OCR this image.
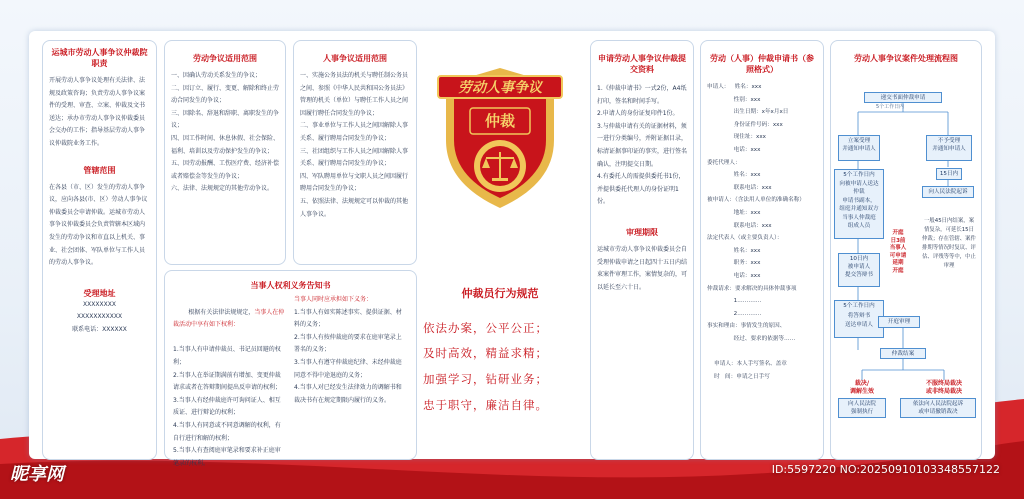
运城市劳动人事争议仲裁院职责
开展劳动人事争议处理有关法律、法规及政策咨询；负责劳动人事争议案件的受理、审查、立案、仲裁及文书送达；承办市劳动人事争议仲裁委员会交办的工作；指导基层劳动人事争议仲裁院业务工作。
管辖范围
在各县（市、区）发生的劳动人事争议，应向各县(市、区）劳动人事争议仲裁委员会申请仲裁。运城市劳动人事争议仲裁委员会负责管辖本区域内发生的劳动争议和市直以上机关、事业、社会团体、军队单位与工作人员的劳动人事争议。
受理地址
XXXXXXXX
XXXXXXXXXXX
联系电话：XXXXXX
劳动争议适用范围
一、因确认劳动关系发生的争议；
二、因订立、履行、变更、解除和终止劳动合同发生的争议；
三、因除名、辞退和辞职、离职发生的争议；
四、因工作时间、休息休假、社会保险、福利、培训以及劳动保护发生的争议；
五、因劳动报酬、工伤医疗费、经济补偿或者赔偿金等发生的争议；
六、法律、法规规定的其他劳动争议。
人事争议适用范围
一、实施公务员法的机关与聘任制公务员之间、参照《中华人民共和国公务员法》管理的机关（单位）与聘任工作人员之间因履行聘任合同发生的争议；
二、事业单位与工作人员之间因解除人事关系、履行聘用合同发生的争议；
三、社团组织与工作人员之间因解除人事关系、履行聘用合同发生的争议；
四、军队聘用单位与文职人员之间因履行聘用合同发生的争议；
五、依照法律、法规规定可以仲裁的其他人事争议。
当事人权利义务告知书

根据有关法律法规规定，当事人在仲裁活动中享有如下权利：

1.当事人有申请仲裁员、书记员回避的权利；
2.当事人在举证期满前有增加、变更仲裁请求或者在答辩期间提出反申请的权利；
3.当事人有经仲裁庭许可询问证人、相互质证、进行辩论的权利；
4.当事人有同意或不同意调解的权利，有自行进行和解的权利；
5.当事人有查阅庭审笔录和要求补正庭审笔录的权利。
当事人同时应承担如下义务：
1.当事人有如实陈述事实、提供证据、材料的义务；
2.当事人有按仲裁庭的要求在庭审笔录上署名的义务；
3.当事人有遵守仲裁庭纪律、未经仲裁庭同意不得中途退庭的义务；
4.当事人对已经发生法律效力的调解书和裁决书有在规定期限内履行的义务。
劳动人事争议
仲裁
仲裁员行为规范
依法办案，公平公正；
及时高效，精益求精；
加强学习，钻研业务；
忠于职守，廉洁自律。
申请劳动人事争议仲裁提交资料
1.《仲裁申请书》一式2份，A4纸打印，签名和时间手写。
2.申请人的身份证复印件1份。
3.与仲裁申请有关的证据材料，须一进行分类编号，并附证据目录，标清证据事印证的事实，进行签名确认，注明提交日期。
4.有委托人的需提供委托书1份，并提供委托代理人的身份证明1份。
审理期限
运城市劳动人事争议仲裁委员会自受理仲裁申请之日起四十五日内结束案件审理工作，案情复杂的，可以延长至六十日。
劳动（人事）仲裁申请书（参照格式）
申请人：   姓名：xxx
性别：xxx
出生日期：x年x月x日
身份证件号码：xxx
现住址：xxx
电话：xxx
委托代理人：
姓名：xxx
联系电话：xxx
被申请人：（含法用人单位的准确名称）
地址：xxx
联系电话：xxx
法定代表人（或主要负责人）：
姓名：xxx
职务：xxx
电话：xxx
仲裁请求：要求解决的具体仲裁事项
1.…………
2.…………
事实和理由：事情发生的原因、
经过、要求的依据等……

申请人：本人手写签名、盖章
时   间：申请之日手写
劳动人事争议案件处理流程图
递交书面仲裁申请
5个工作日内
立案受理
并通知申请人
不予受理
并通知申请人
15日内
向人民法院起诉
5个工作日内
向被申请人送达仲裁
申请书副本，
组庭并通知双方
当事人仲裁庭
组成人员
开庭
日3前
当事人
可申请
延期
开庭
一般45日内结案，案情复杂，可延长15日仲裁；存在管辖、案件排期等情况时复议、评估、评残等等中，中止审理
10日内
被申请人
提交答辩书
5个工作日内
将答辩书
送达申请人	开庭审理
仲裁结案
裁决/
调解生效
不服终局裁决
或非终局裁决
向人民法院
强制执行
依法向人民法院起诉
或申请撤销裁决
昵享网	ID:5597220 NO:20250910103348557122
